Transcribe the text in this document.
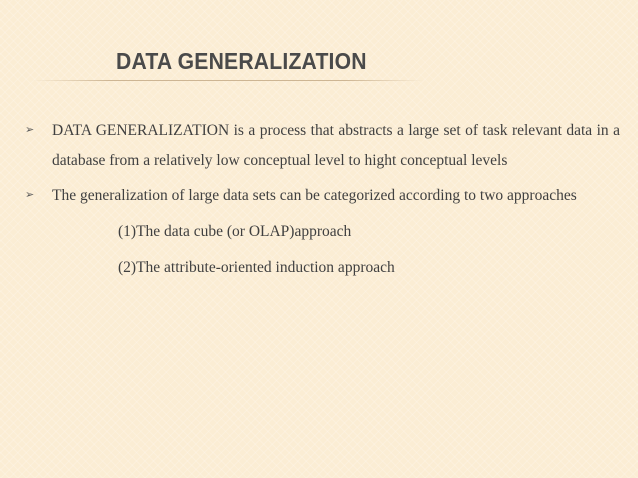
DATA GENERALIZATION
➢ DATA GENERALIZATION is a process that abstracts a large set of task relevant data in a database from a relatively low conceptual level to hight conceptual levels
➢ The generalization of large data sets can be categorized according to two approaches
(1)The data cube (or OLAP)approach
(2)The attribute-oriented induction approach
